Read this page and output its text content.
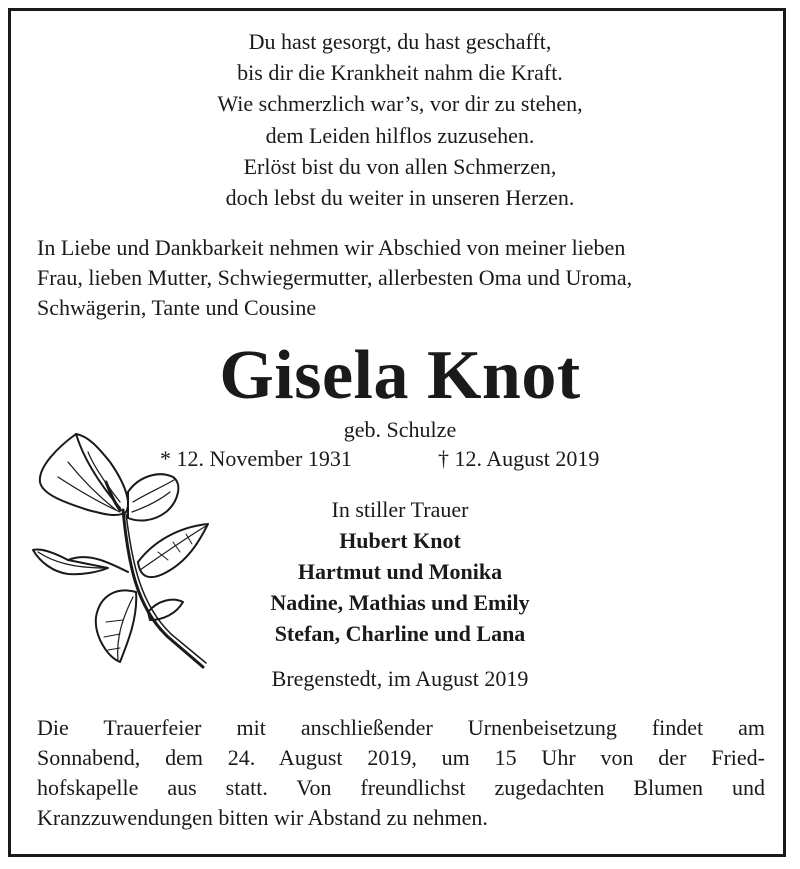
Du hast gesorgt, du hast geschafft,
bis dir die Krankheit nahm die Kraft.
Wie schmerzlich war’s, vor dir zu stehen,
dem Leiden hilflos zuzusehen.
Erlöst bist du von allen Schmerzen,
doch lebst du weiter in unseren Herzen.
In Liebe und Dankbarkeit nehmen wir Abschied von meiner lieben
Frau, lieben Mutter, Schwiegermutter, allerbesten Oma und Uroma,
Schwägerin, Tante und Cousine
Gisela Knot
geb. Schulze
* 12. November 1931	† 12. August 2019
In stiller Trauer
Hubert Knot
Hartmut und Monika
Nadine, Mathias und Emily
Stefan, Charline und Lana
Bregenstedt, im August 2019
Die Trauerfeier mit anschließender Urnenbeisetzung findet am
Sonnabend, dem 24. August 2019, um 15 Uhr von der Fried-
hofskapelle aus statt. Von freundlichst zugedachten Blumen und
Kranzzuwendungen bitten wir Abstand zu nehmen.
